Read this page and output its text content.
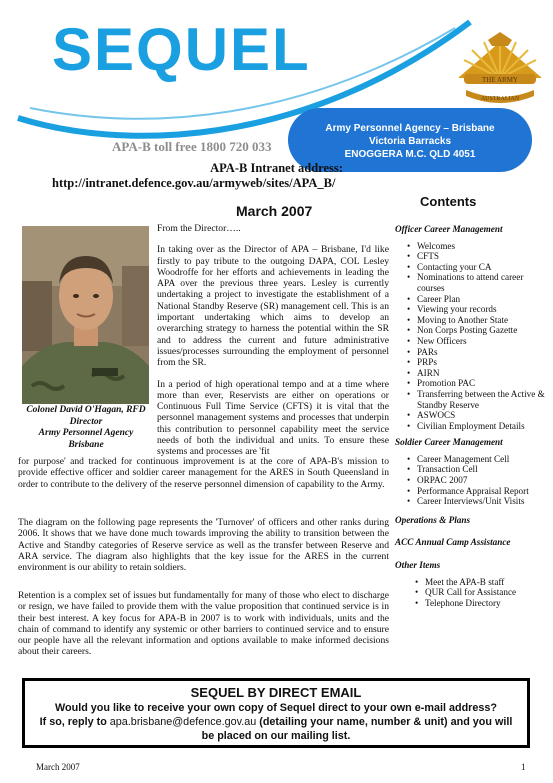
SEQUEL	THE ARMY
AUSTRALIAN
APA-B toll free 1800 720 033
Army Personnel Agency – Brisbane
Victoria Barracks
ENOGGERA M.C. QLD 4051
APA-B Intranet address:
http://intranet.defence.gov.au/armyweb/sites/APA_B/
March 2007
Contents
Colonel David O'Hagan, RFD
Director
Army Personnel Agency
Brisbane

From the Director…..

In taking over as the Director of APA – Brisbane, I'd like firstly to pay tribute to the outgoing DAPA, COL Lesley Woodroffe for her efforts and achievements in leading the APA over the previous three years. Lesley is currently undertaking a project to investigate the establishment of a National Standby Reserve (SR) management cell. This is an important undertaking which aims to develop an overarching strategy to harness the potential within the SR and to address the current and future administrative issues/processes surrounding the employment of personnel from the SR.

In a period of high operational tempo and at a time where more than ever, Reservists are either on operations or Continuous Full Time Service (CFTS) it is vital that the personnel management systems and processes that underpin this contribution to personnel capability meet the service needs of both the individual and units. To ensure these systems and processes are 'fit

for purpose' and tracked for continuous improvement is at the core of APA-B's mission to provide effective officer and soldier career management for the ARES in South Queensland in order to contribute to the delivery of the reserve personnel dimension of capability to the Army.
The diagram on the following page represents the 'Turnover' of officers and other ranks during 2006. It shows that we have done much towards improving the ability to transition between the Active and Standby categories of Reserve service as well as the transfer between Reserve and ARA service. The diagram also highlights that the key issue for the ARES in the current environment is our ability to retain soldiers.
Retention is a complex set of issues but fundamentally for many of those who elect to discharge or resign, we have failed to provide them with the value proposition that continued service is in their best interest. A key focus for APA-B in 2007 is to work with individuals, units and the chain of command to identify any systemic or other barriers to continued service and to ensure our people have all the relevant information and options available to make informed decisions about their careers.
Officer Career Management
• Welcomes
• CFTS
• Contacting your CA
• Nominations to attend career courses
• Career Plan
• Viewing your records
• Moving to Another State
• Non Corps Posting Gazette
• New Officers
• PARs
• PRPs
• AIRN
• Promotion PAC
• Transferring between the Active & Standby Reserve
• ASWOCS
• Civilian Employment Details
Soldier Career Management
• Career Management Cell
• Transaction Cell
• ORPAC 2007
• Performance Appraisal Report
• Career Interviews/Unit Visits
Operations & Plans
ACC Annual Camp Assistance
Other Items
• Meet the APA-B staff
• QUR Call for Assistance
• Telephone Directory
SEQUEL BY DIRECT EMAIL
Would you like to receive your own copy of Sequel direct to your own e-mail address?
If so, reply to apa.brisbane@defence.gov.au (detailing your name, number & unit) and you will
be placed on our mailing list.
March 2007	1
